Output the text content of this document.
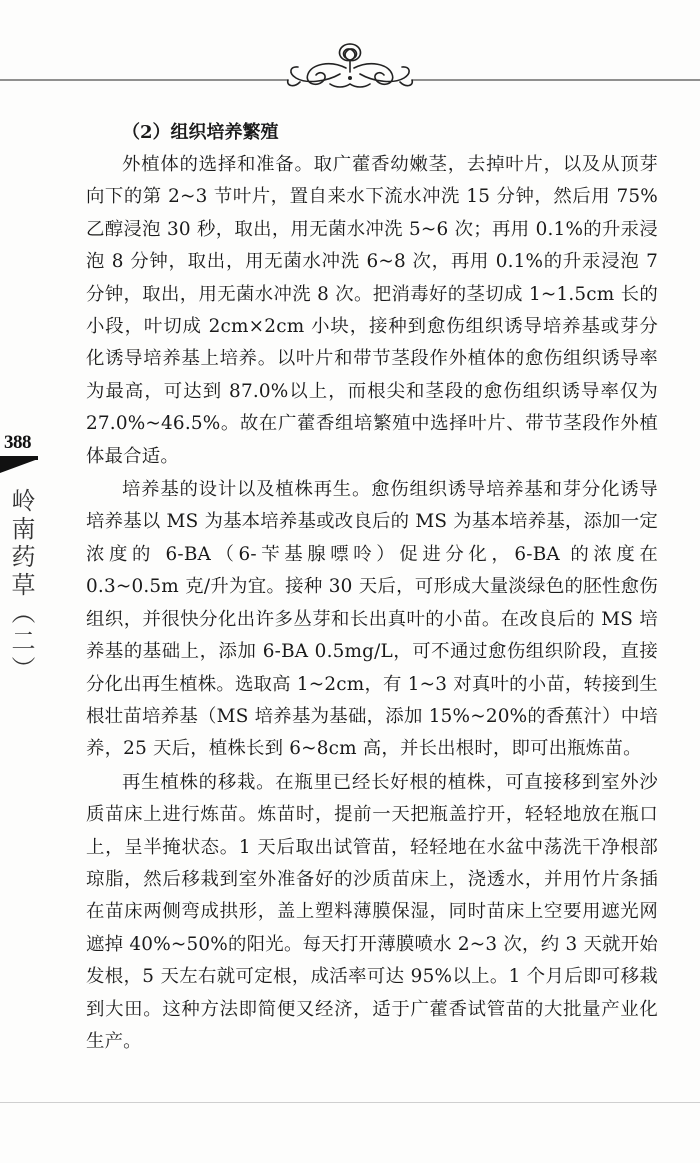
388
岭南药草（二）
（2）组织培养繁殖

外植体的选择和准备。取广藿香幼嫩茎，去掉叶片，以及从顶芽向下的第 2~3 节叶片，置自来水下流水冲洗 15 分钟，然后用 75%乙醇浸泡 30 秒，取出，用无菌水冲洗 5~6 次；再用 0.1%的升汞浸泡 8 分钟，取出，用无菌水冲洗 6~8 次，再用 0.1%的升汞浸泡 7 分钟，取出，用无菌水冲洗 8 次。把消毒好的茎切成 1~1.5cm 长的小段，叶切成 2cm×2cm 小块，接种到愈伤组织诱导培养基或芽分化诱导培养基上培养。以叶片和带节茎段作外植体的愈伤组织诱导率为最高，可达到 87.0%以上，而根尖和茎段的愈伤组织诱导率仅为 27.0%~46.5%。故在广藿香组培繁殖中选择叶片、带节茎段作外植体最合适。

培养基的设计以及植株再生。愈伤组织诱导培养基和芽分化诱导培养基以 MS 为基本培养基或改良后的 MS 为基本培养基，添加一定浓度的 6-BA（6-苄基腺嘌呤）促进分化，6-BA 的浓度在 0.3~0.5m 克/升为宜。接种 30 天后，可形成大量淡绿色的胚性愈伤组织，并很快分化出许多丛芽和长出真叶的小苗。在改良后的 MS 培养基的基础上，添加 6-BA 0.5mg/L，可不通过愈伤组织阶段，直接分化出再生植株。选取高 1~2cm，有 1~3 对真叶的小苗，转接到生根壮苗培养基（MS 培养基为基础，添加 15%~20%的香蕉汁）中培养，25 天后，植株长到 6~8cm 高，并长出根时，即可出瓶炼苗。

再生植株的移栽。在瓶里已经长好根的植株，可直接移到室外沙质苗床上进行炼苗。炼苗时，提前一天把瓶盖拧开，轻轻地放在瓶口上，呈半掩状态。1 天后取出试管苗，轻轻地在水盆中荡洗干净根部琼脂，然后移栽到室外准备好的沙质苗床上，浇透水，并用竹片条插在苗床两侧弯成拱形，盖上塑料薄膜保湿，同时苗床上空要用遮光网遮掉 40%~50%的阳光。每天打开薄膜喷水 2~3 次，约 3 天就开始发根，5 天左右就可定根，成活率可达 95%以上。1 个月后即可移栽到大田。这种方法即简便又经济，适于广藿香试管苗的大批量产业化生产。
